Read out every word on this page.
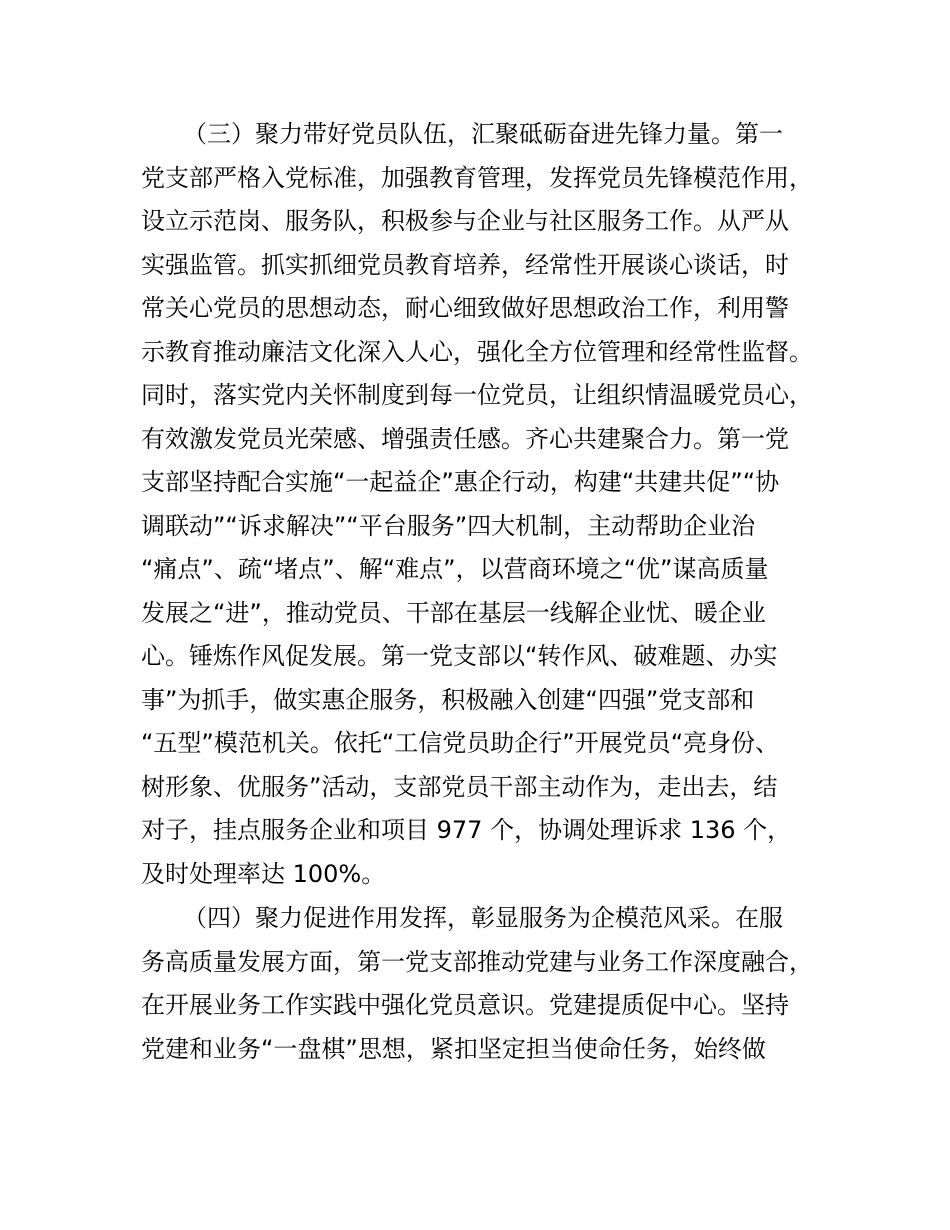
（三）聚力带好党员队伍，汇聚砥砺奋进先锋力量。第一
党支部严格入党标准，加强教育管理，发挥党员先锋模范作用，
设立示范岗、服务队，积极参与企业与社区服务工作。从严从
实强监管。抓实抓细党员教育培养，经常性开展谈心谈话，时
常关心党员的思想动态，耐心细致做好思想政治工作，利用警
示教育推动廉洁文化深入人心，强化全方位管理和经常性监督。
同时，落实党内关怀制度到每一位党员，让组织情温暖党员心，
有效激发党员光荣感、增强责任感。齐心共建聚合力。第一党
支部坚持配合实施“一起益企”惠企行动，构建“共建共促”“协
调联动”“诉求解决”“平台服务”四大机制，主动帮助企业治
“痛点”、疏“堵点”、解“难点”，以营商环境之“优”谋高质量
发展之“进”，推动党员、干部在基层一线解企业忧、暖企业
心。锤炼作风促发展。第一党支部以“转作风、破难题、办实
事”为抓手，做实惠企服务，积极融入创建“四强”党支部和
“五型”模范机关。依托“工信党员助企行”开展党员“亮身份、
树形象、优服务”活动，支部党员干部主动作为，走出去，结
对子，挂点服务企业和项目 977 个，协调处理诉求 136 个，
及时处理率达 100%。
（四）聚力促进作用发挥，彰显服务为企模范风采。在服
务高质量发展方面，第一党支部推动党建与业务工作深度融合，
在开展业务工作实践中强化党员意识。党建提质促中心。坚持
党建和业务“一盘棋”思想，紧扣坚定担当使命任务，始终做
